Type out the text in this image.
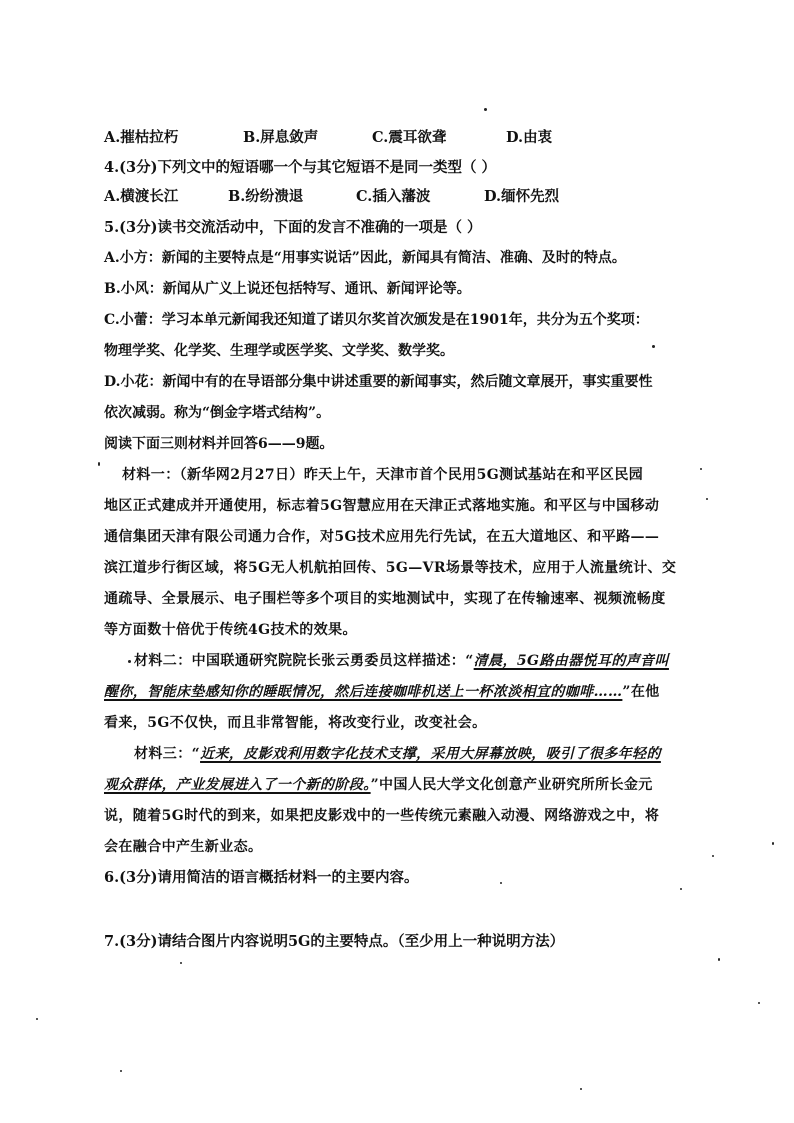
A.摧枯拉朽	B.屏息敛声	C.震耳欲聋	D.由衷
4.(3分)下列文中的短语哪一个与其它短语不是同一类型（ ）
A.横渡长江	B.纷纷溃退	C.插入藩波	D.缅怀先烈
5.(3分)读书交流活动中，下面的发言不准确的一项是（ ）
A.小方：新闻的主要特点是“用事实说话”因此，新闻具有简洁、准确、及时的特点。
B.小风：新闻从广义上说还包括特写、通讯、新闻评论等。
C.小蕾：学习本单元新闻我还知道了诺贝尔奖首次颁发是在1901年，共分为五个奖项：
物理学奖、化学奖、生理学或医学奖、文学奖、数学奖。
D.小花：新闻中有的在导语部分集中讲述重要的新闻事实，然后随文章展开，事实重要性
依次减弱。称为“倒金字塔式结构”。
阅读下面三则材料并回答6——9题。
材料一：（新华网2月27日）昨天上午，天津市首个民用5G测试基站在和平区民园
地区正式建成并开通使用，标志着5G智慧应用在天津正式落地实施。和平区与中国移动
通信集团天津有限公司通力合作，对5G技术应用先行先试，在五大道地区、和平路——
滨江道步行街区域，将5G无人机航拍回传、5G—VR场景等技术，应用于人流量统计、交
通疏导、全景展示、电子围栏等多个项目的实地测试中，实现了在传输速率、视频流畅度
等方面数十倍优于传统4G技术的效果。
材料二：中国联通研究院院长张云勇委员这样描述：“清晨，5G路由器悦耳的声音叫
醒你，智能床垫感知你的睡眠情况，然后连接咖啡机送上一杯浓淡相宜的咖啡……”在他
看来，5G不仅快，而且非常智能，将改变行业，改变社会。
材料三：“近来，皮影戏利用数字化技术支撑，采用大屏幕放映，吸引了很多年轻的
观众群体，产业发展进入了一个新的阶段。”中国人民大学文化创意产业研究所所长金元
说，随着5G时代的到来，如果把皮影戏中的一些传统元素融入动漫、网络游戏之中，将
会在融合中产生新业态。
6.(3分)请用简洁的语言概括材料一的主要内容。
7.(3分)请结合图片内容说明5G的主要特点。（至少用上一种说明方法）
